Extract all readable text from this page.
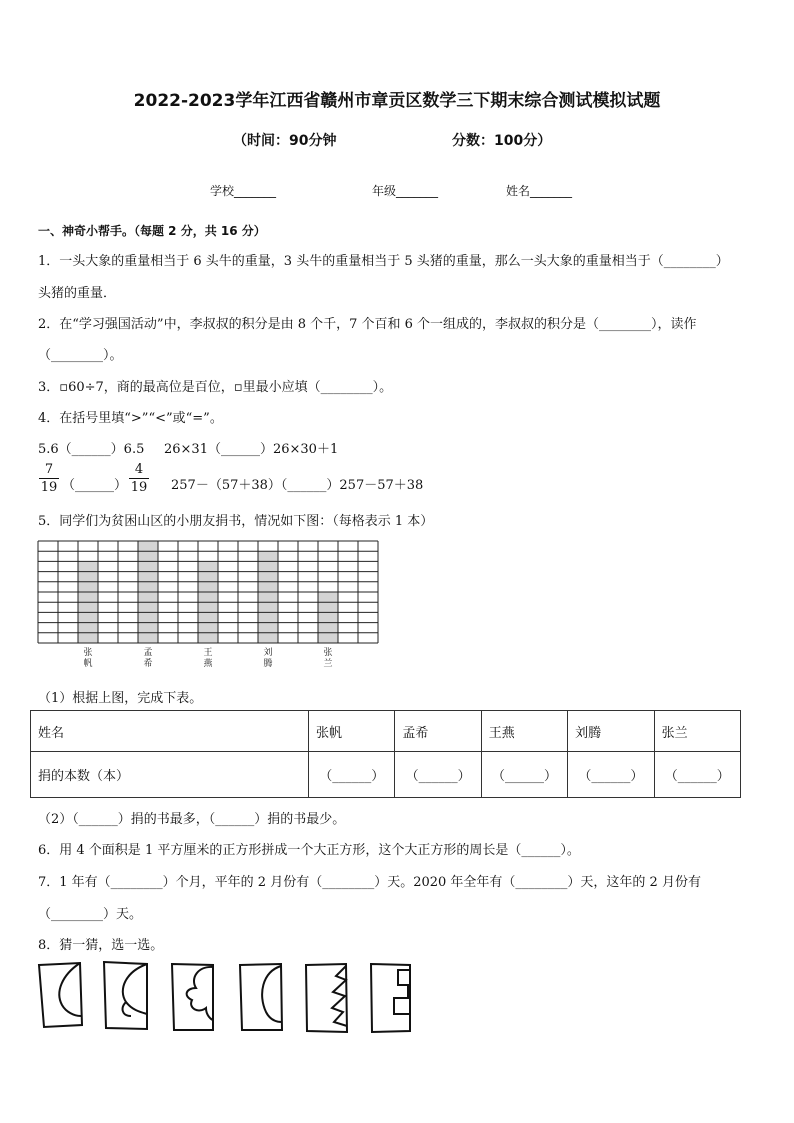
2022-2023学年江西省赣州市章贡区数学三下期末综合测试模拟试题
（时间：90分钟	分数：100分）
学校_______	年级_______	姓名_______
一、神奇小帮手。（每题 2 分，共 16 分）
1．一头大象的重量相当于 6 头牛的重量，3 头牛的重量相当于 5 头猪的重量，那么一头大象的重量相当于（________）
头猪的重量．
2．在“学习强国活动”中，李叔叔的积分是由 8 个千，7 个百和 6 个一组成的，李叔叔的积分是（________），读作
（________）。
3．▫60÷7，商的最高位是百位，▫里最小应填（________）。
4．在括号里填“>”“<”或“=”。
5.6（______）6.5 26×31（______）26×30＋1
$\frac{7}{19}$ （______） $\frac{4}{19}$ 257－（57＋38）（______）257－57＋38
5．同学们为贫困山区的小朋友捐书，情况如下图：（每格表示 1 本）
张
帆
孟
希
王
燕
刘
腾
张
兰
（1）根据上图，完成下表。
姓名	张帆	孟希	王燕	刘腾	张兰
捐的本数（本）	（______）	（______）	（______）	（______）	（______）
（2）（______）捐的书最多，（______）捐的书最少。
6．用 4 个面积是 1 平方厘米的正方形拼成一个大正方形，这个大正方形的周长是（______）。
7．1 年有（________）个月，平年的 2 月份有（________）天。2020 年全年有（________）天，这年的 2 月份有
（________）天。
8．猜一猜，选一选。
